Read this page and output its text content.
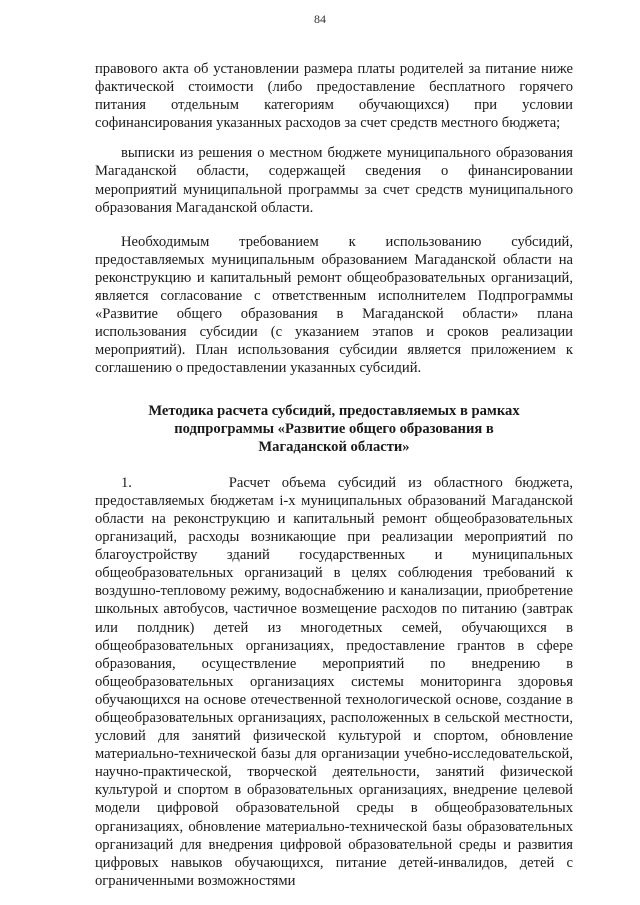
84

правового акта об установлении размера платы родителей за питание ниже фактической стоимости (либо предоставление бесплатного горячего питания отдельным категориям обучающихся) при условии софинансирования указанных расходов за счет средств местного бюджета;

выписки из решения о местном бюджете муниципального образования Магаданской области, содержащей сведения о финансировании мероприятий муниципальной программы за счет средств муниципального образования Магаданской области.

Необходимым требованием к использованию субсидий, предоставляемых муниципальным образованием Магаданской области на реконструкцию и капитальный ремонт общеобразовательных организаций, является согласование с ответственным исполнителем Подпрограммы «Развитие общего образования в Магаданской области» плана использования субсидии (с указанием этапов и сроков реализации мероприятий). План использования субсидии является приложением к соглашению о предоставлении указанных субсидий.

Методика расчета субсидий, предоставляемых в рамках
подпрограммы «Развитие общего образования в
Магаданской области»

1.        Расчет объема субсидий из областного бюджета, предоставляемых бюджетам i-х муниципальных образований Магаданской области на реконструкцию и капитальный ремонт общеобразовательных организаций, расходы возникающие при реализации мероприятий по благоустройству зданий государственных и муниципальных общеобразовательных организаций в целях соблюдения требований к воздушно-тепловому режиму, водоснабжению и канализации, приобретение школьных автобусов, частичное возмещение расходов по питанию (завтрак или полдник) детей из многодетных семей, обучающихся в общеобразовательных организациях, предоставление грантов в сфере образования, осуществление мероприятий по внедрению в общеобразовательных организациях системы мониторинга здоровья обучающихся на основе отечественной технологической основе, создание в общеобразовательных организациях, расположенных в сельской местности, условий для занятий физической культурой и спортом, обновление материально-технической базы для организации учебно-исследовательской, научно-практической, творческой деятельности, занятий физической культурой и спортом в образовательных организациях, внедрение целевой модели цифровой образовательной среды в общеобразовательных организациях, обновление материально-технической базы образовательных организаций для внедрения цифровой образовательной среды и развития цифровых навыков обучающихся, питание детей-инвалидов, детей с ограниченными возможностями
